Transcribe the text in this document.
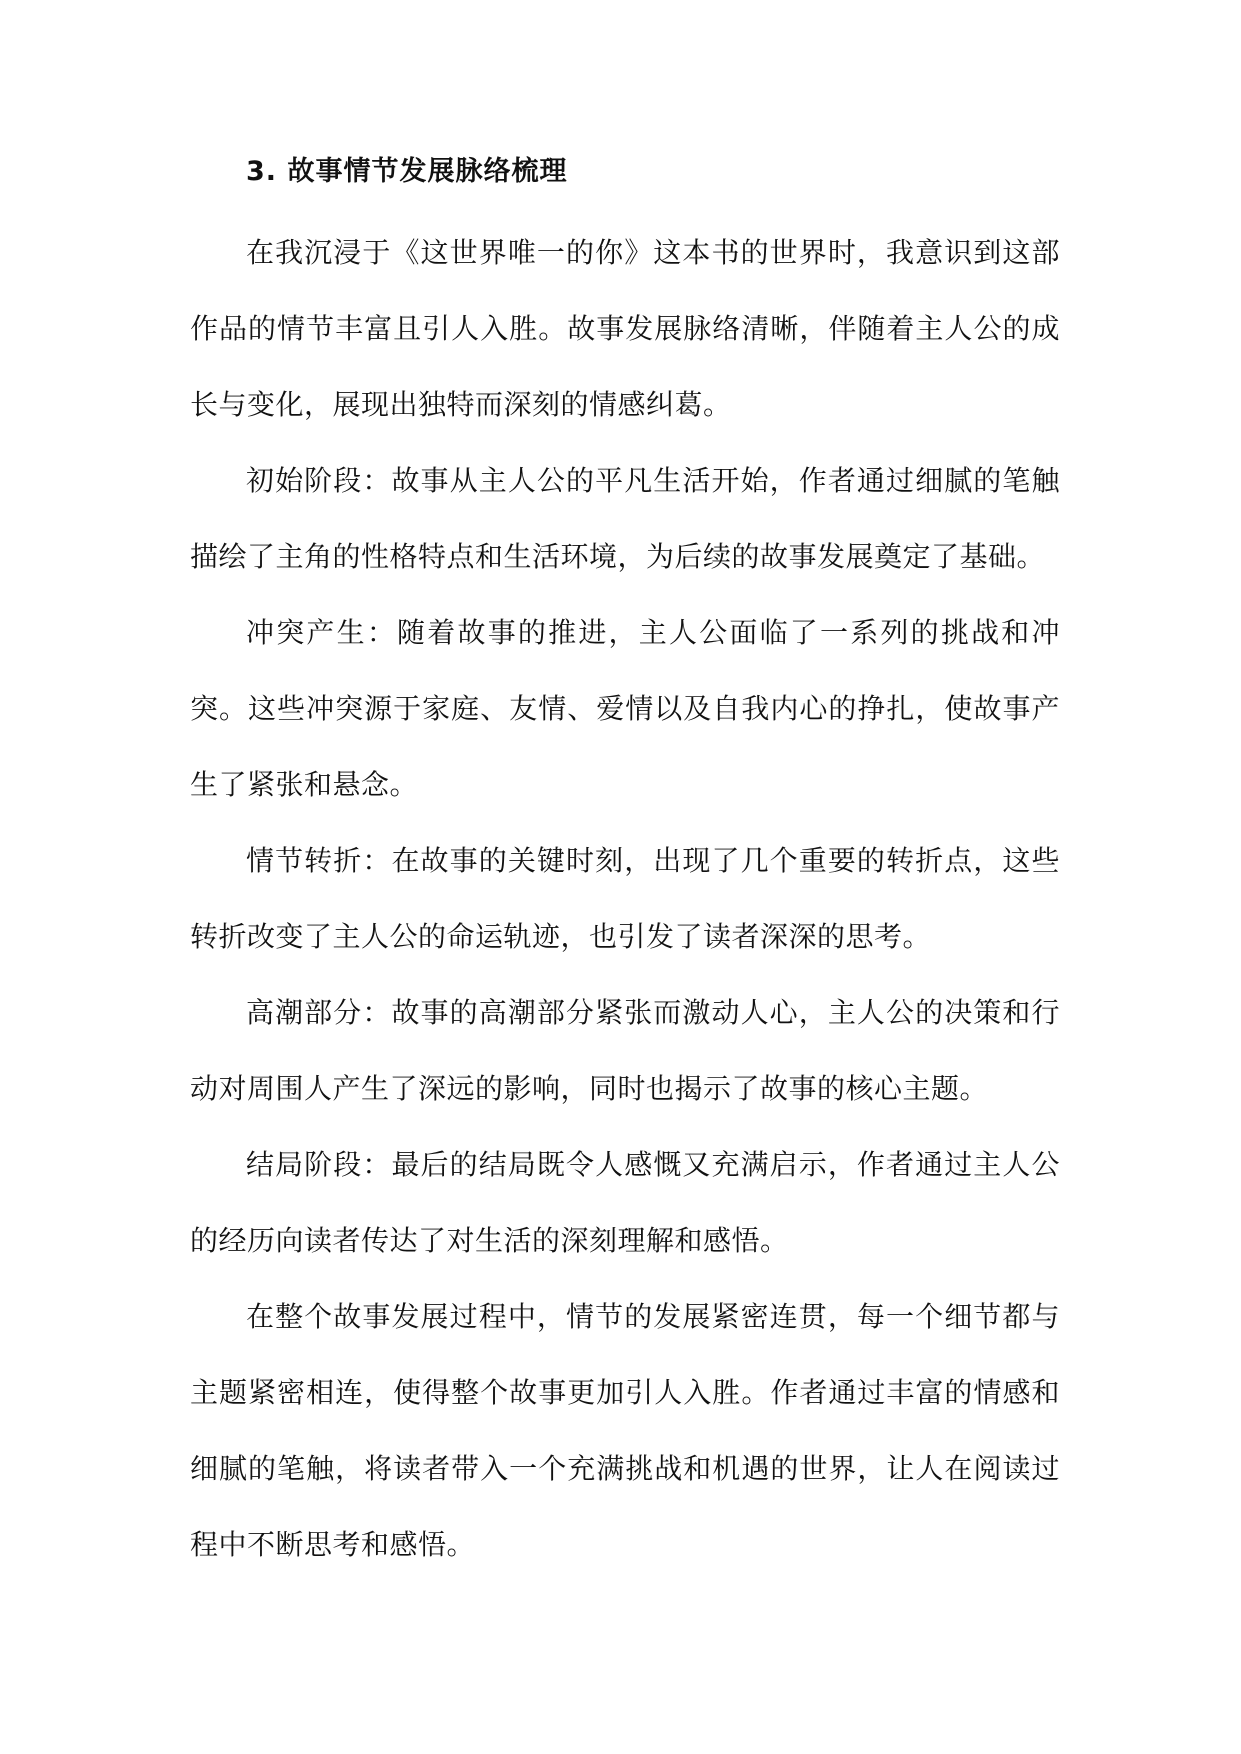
3. 故事情节发展脉络梳理

在我沉浸于《这世界唯一的你》这本书的世界时，我意识到这部作品的情节丰富且引人入胜。故事发展脉络清晰，伴随着主人公的成长与变化，展现出独特而深刻的情感纠葛。

初始阶段：故事从主人公的平凡生活开始，作者通过细腻的笔触描绘了主角的性格特点和生活环境，为后续的故事发展奠定了基础。

冲突产生：随着故事的推进，主人公面临了一系列的挑战和冲突。这些冲突源于家庭、友情、爱情以及自我内心的挣扎，使故事产生了紧张和悬念。

情节转折：在故事的关键时刻，出现了几个重要的转折点，这些转折改变了主人公的命运轨迹，也引发了读者深深的思考。

高潮部分：故事的高潮部分紧张而激动人心，主人公的决策和行动对周围人产生了深远的影响，同时也揭示了故事的核心主题。

结局阶段：最后的结局既令人感慨又充满启示，作者通过主人公的经历向读者传达了对生活的深刻理解和感悟。

在整个故事发展过程中，情节的发展紧密连贯，每一个细节都与主题紧密相连，使得整个故事更加引人入胜。作者通过丰富的情感和细腻的笔触，将读者带入一个充满挑战和机遇的世界，让人在阅读过程中不断思考和感悟。
